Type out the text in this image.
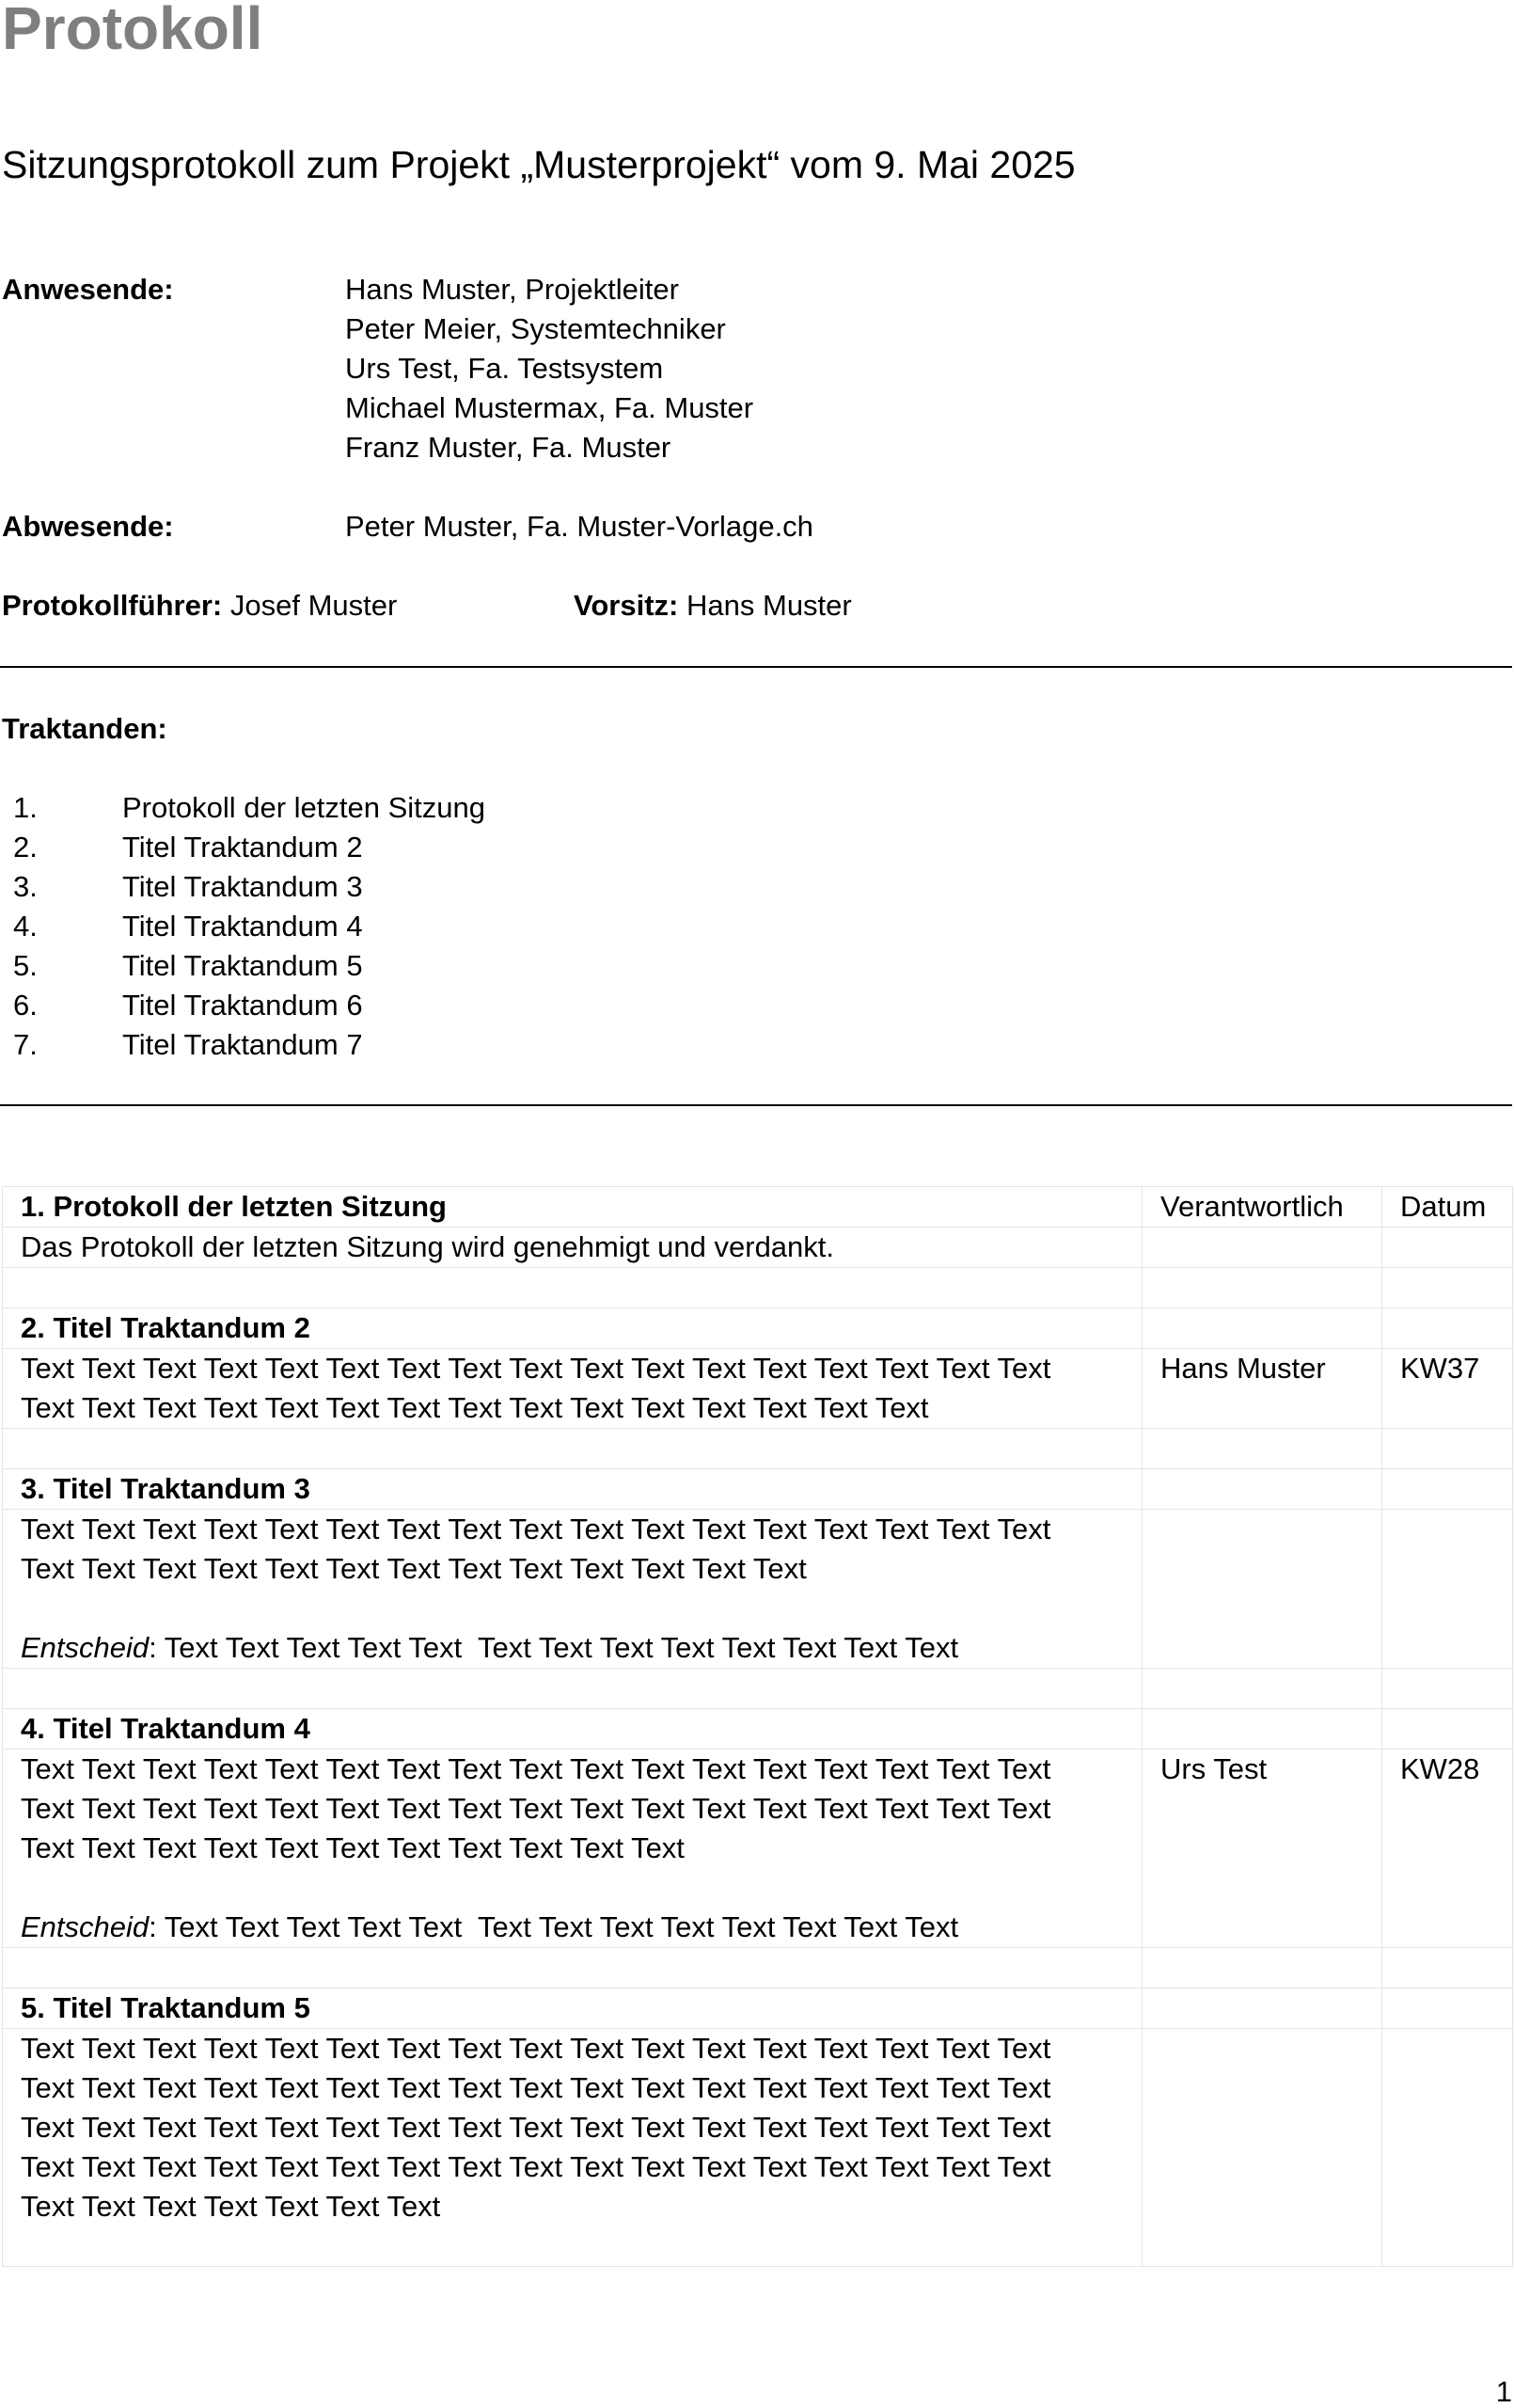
Protokoll
Sitzungsprotokoll zum Projekt „Musterprojekt“ vom 9. Mai 2025
Anwesende:	Hans Muster, Projektleiter
Peter Meier, Systemtechniker
Urs Test, Fa. Testsystem
Michael Mustermax, Fa. Muster
Franz Muster, Fa. Muster
Abwesende:	Peter Muster, Fa. Muster-Vorlage.ch
Protokollführer: Josef Muster	Vorsitz: Hans Muster
Traktanden:
1.	Protokoll der letzten Sitzung
2.	Titel Traktandum 2
3.	Titel Traktandum 3
4.	Titel Traktandum 4
5.	Titel Traktandum 5
6.	Titel Traktandum 6
7.	Titel Traktandum 7
1. Protokoll der letzten Sitzung	Verantwortlich	Datum
Das Protokoll der letzten Sitzung wird genehmigt und verdankt.		

2. Titel Traktandum 2		
Text Text Text Text Text Text Text Text Text Text Text Text Text Text Text Text Text
Text Text Text Text Text Text Text Text Text Text Text Text Text Text Text	Hans Muster	KW37

3. Titel Traktandum 3		

Text Text Text Text Text Text Text Text Text Text Text Text Text Text Text Text Text
Text Text Text Text Text Text Text Text Text Text Text Text Text
Entscheid: Text Text Text Text Text  Text Text Text Text Text Text Text Text		

4. Titel Traktandum 4		

Text Text Text Text Text Text Text Text Text Text Text Text Text Text Text Text Text
Text Text Text Text Text Text Text Text Text Text Text Text Text Text Text Text Text
Text Text Text Text Text Text Text Text Text Text Text
Entscheid: Text Text Text Text Text  Text Text Text Text Text Text Text Text	Urs Test	KW28

5. Titel Traktandum 5		

Text Text Text Text Text Text Text Text Text Text Text Text Text Text Text Text Text
Text Text Text Text Text Text Text Text Text Text Text Text Text Text Text Text Text
Text Text Text Text Text Text Text Text Text Text Text Text Text Text Text Text Text
Text Text Text Text Text Text Text Text Text Text Text Text Text Text Text Text Text
Text Text Text Text Text Text Text		

1
